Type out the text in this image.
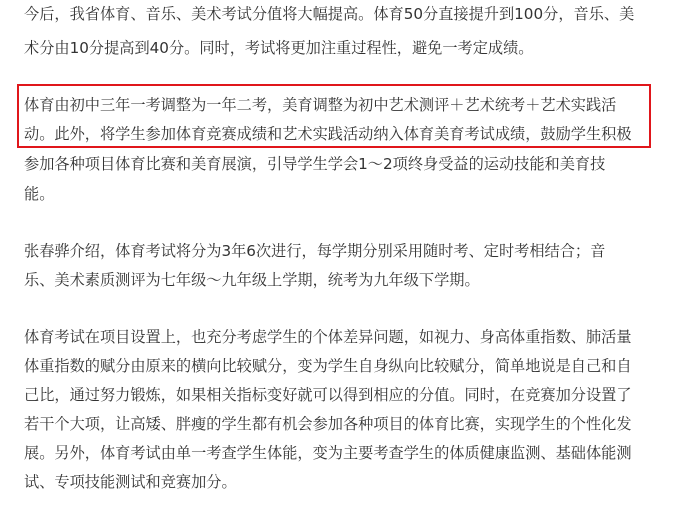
今后，我省体育、音乐、美术考试分值将大幅提高。体育50分直接提升到100分，音乐、美
术分由10分提高到40分。同时，考试将更加注重过程性，避免一考定成绩。
体育由初中三年一考调整为一年二考，美育调整为初中艺术测评＋艺术统考＋艺术实践活
动。此外，将学生参加体育竞赛成绩和艺术实践活动纳入体育美育考试成绩，鼓励学生积极
参加各种项目体育比赛和美育展演，引导学生学会1～2项终身受益的运动技能和美育技
能。
张春骅介绍，体育考试将分为3年6次进行，每学期分别采用随时考、定时考相结合；音
乐、美术素质测评为七年级～九年级上学期，统考为九年级下学期。
体育考试在项目设置上，也充分考虑学生的个体差异问题，如视力、身高体重指数、肺活量
体重指数的赋分由原来的横向比较赋分，变为学生自身纵向比较赋分，简单地说是自己和自
己比，通过努力锻炼，如果相关指标变好就可以得到相应的分值。同时，在竞赛加分设置了
若干个大项，让高矮、胖瘦的学生都有机会参加各种项目的体育比赛，实现学生的个性化发
展。另外，体育考试由单一考查学生体能，变为主要考查学生的体质健康监测、基础体能测
试、专项技能测试和竞赛加分。
